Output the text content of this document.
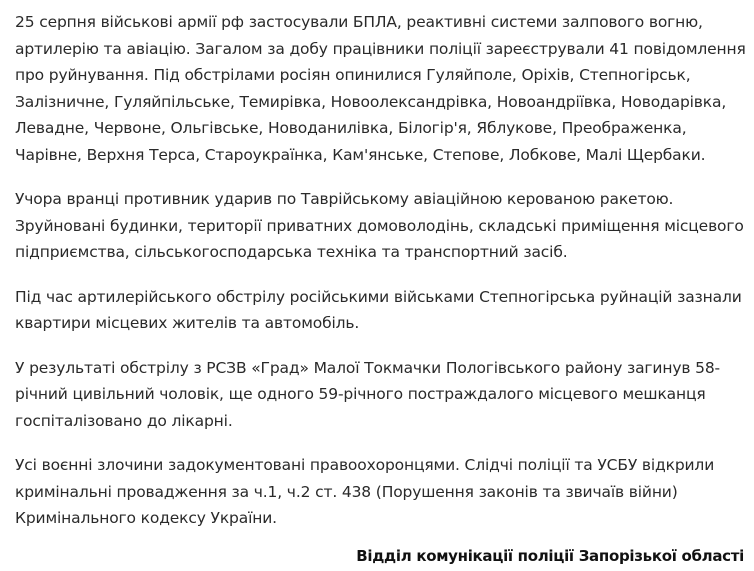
25 серпня військові армії рф застосували БПЛА, реактивні системи залпового вогню, артилерію та авіацію. Загалом за добу працівники поліції зареєстрували 41 повідомлення про руйнування. Під обстрілами росіян опинилися Гуляйполе, Оріхів, Степногірськ, Залізничне, Гуляйпільське, Темирівка, Новоолександрівка, Новоандріївка, Новодарівка, Левадне, Червоне, Ольгівське, Новоданилівка, Білогір'я, Яблукове, Преображенка, Чарівне, Верхня Терса, Староукраїнка, Кам'янське, Степове, Лобкове, Малі Щербаки.

Учора вранці противник ударив по Таврійському авіаційною керованою ракетою. Зруйновані будинки, території приватних домоволодінь, складські приміщення місцевого підприємства, сільськогосподарська техніка та транспортний засіб.

Під час артилерійського обстрілу російськими військами Степногірська руйнацій зазнали квартири місцевих жителів та автомобіль.

У результаті обстрілу з РСЗВ «Град» Малої Токмачки Пологівського району загинув 58-річний цивільний чоловік, ще одного 59-річного постраждалого місцевого мешканця госпіталізовано до лікарні.

Усі воєнні злочини задокументовані правоохоронцями. Слідчі поліції та УСБУ відкрили кримінальні провадження за ч.1, ч.2 ст. 438 (Порушення законів та звичаїв війни) Кримінального кодексу України.

Відділ комунікації поліції Запорізької області
